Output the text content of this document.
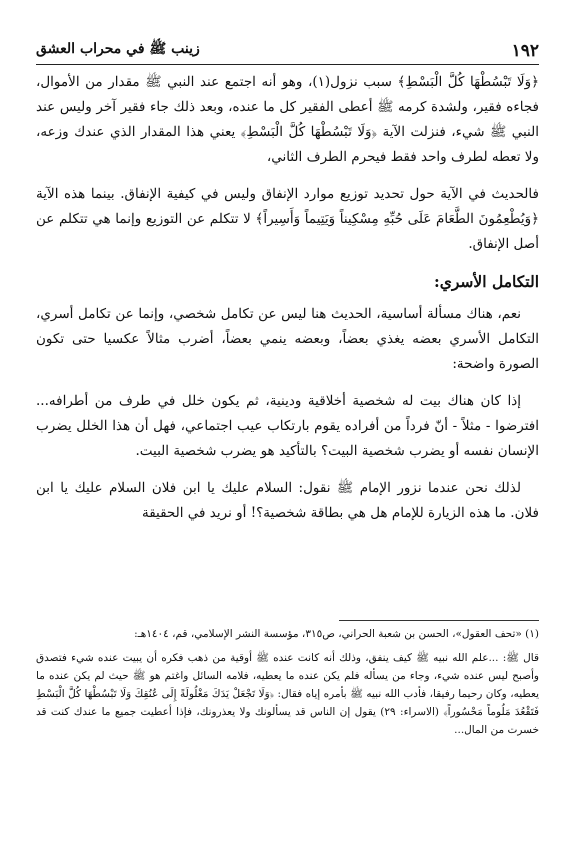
١٩٢
زينب ﷺ في محراب العشق

﴿وَلَا تَبْسُطْهَا كُلَّ الْبَسْطِ﴾ سبب نزول(١)، وهو أنه اجتمع عند النبي ﷺ مقدار من الأموال، فجاءه فقير، ولشدة كرمه ﷺ أعطى الفقير كل ما عنده، وبعد ذلك جاء فقير آخر وليس عند النبي ﷺ شيء، فنزلت الآية ﴿وَلَا تَبْسُطْهَا كُلَّ الْبَسْطِ﴾ يعني هذا المقدار الذي عندك وزعه، ولا تعطه لطرف واحد فقط فيحرم الطرف الثاني،

فالحديث في الآية حول تحديد توزيع موارد الإنفاق وليس في كيفية الإنفاق. بينما هذه الآية ﴿وَيُطْعِمُونَ الطَّعَامَ عَلَى حُبِّهِ مِسْكِيناً وَيَتِيماً وَأَسِيراً﴾ لا تتكلم عن التوزيع وإنما هي تتكلم عن أصل الإنفاق.

التكامل الأسري:

نعم، هناك مسألة أساسية، الحديث هنا ليس عن تكامل شخصي، وإنما عن تكامل أسري، التكامل الأسري بعضه يغذي بعضاً، وبعضه ينمي بعضاً، أضرب مثالاً عكسيا حتى تكون الصورة واضحة:

إذا كان هناك بيت له شخصية أخلاقية ودينية، ثم يكون خلل في طرف من أطرافه... افترضوا - مثلاً - أنّ فرداً من أفراده يقوم بارتكاب عيب اجتماعي، فهل أن هذا الخلل يضرب الإنسان نفسه أو يضرب شخصية البيت؟ بالتأكيد هو يضرب شخصية البيت.

لذلك نحن عندما نزور الإمام ﷺ نقول: السلام عليك يا ابن فلان السلام عليك يا ابن فلان. ما هذه الزيارة للإمام هل هي بطاقة شخصية؟! أو نريد في الحقيقة

(١) «تحف العقول»، الحسن بن شعبة الحراني، ص٣١٥، مؤسسة النشر الإسلامي، قم، ١٤٠٤هـ:

قال ﷺ: ...علم الله نبيه ﷺ كيف ينفق، وذلك أنه كانت عنده ﷺ أوقية من ذهب فكره أن يبيت عنده شيء فتصدق وأصبح ليس عنده شيء، وجاء من يسأله فلم يكن عنده ما يعطيه، فلامه السائل واغتم هو ﷺ حيث لم يكن عنده ما يعطيه، وكان رحيما رفيقا، فأدب الله نبيه ﷺ بأمره إياه فقال: ﴿وَلَا تَجْعَلْ يَدَكَ مَغْلُولَةً إِلَى عُنُقِكَ وَلَا تَبْسُطْهَا كُلَّ الْبَسْطِ فَتَقْعُدَ مَلُوماً مَحْسُوراً﴾ (الاسراء: ٢٩) يقول إن الناس قد يسألونك ولا يعذرونك، فإذا أعطيت جميع ما عندك كنت قد خسرت من المال...
